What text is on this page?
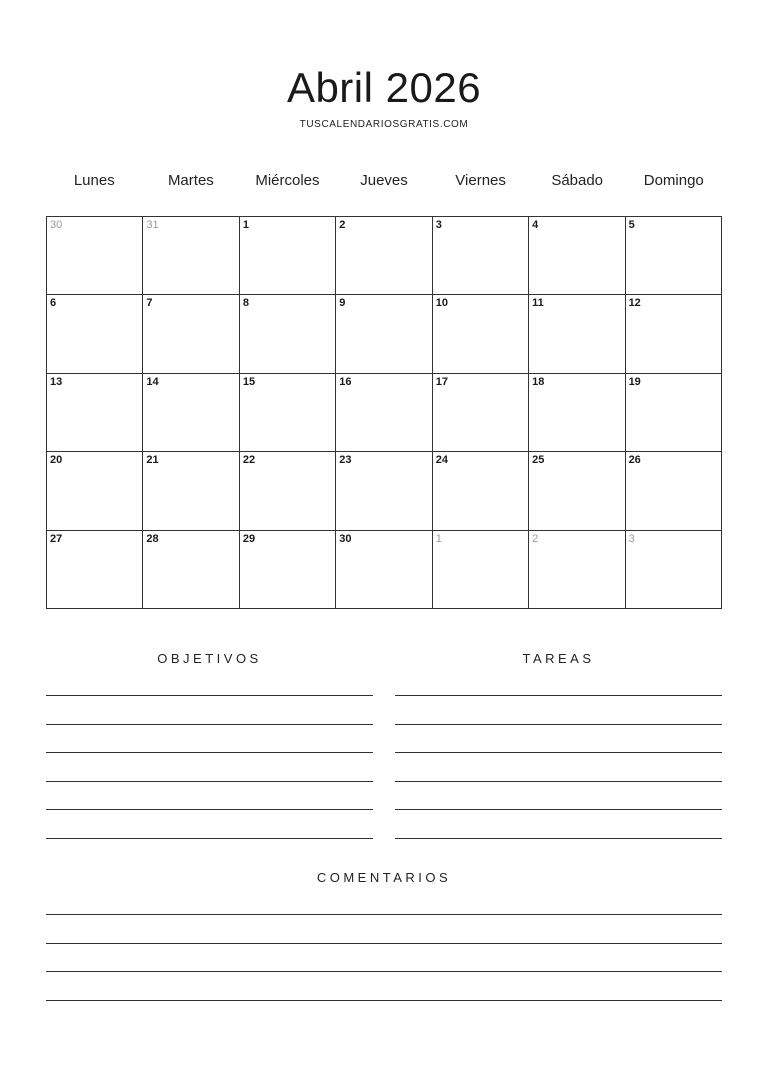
Abril 2026
TUSCALENDARIOSGRATIS.COM
Lunes	Martes	Miércoles	Jueves	Viernes	Sábado	Domingo
30	31	1	2	3	4	5
6	7	8	9	10	11	12
13	14	15	16	17	18	19
20	21	22	23	24	25	26
27	28	29	30	1	2	3
OBJETIVOS	TAREAS
COMENTARIOS
